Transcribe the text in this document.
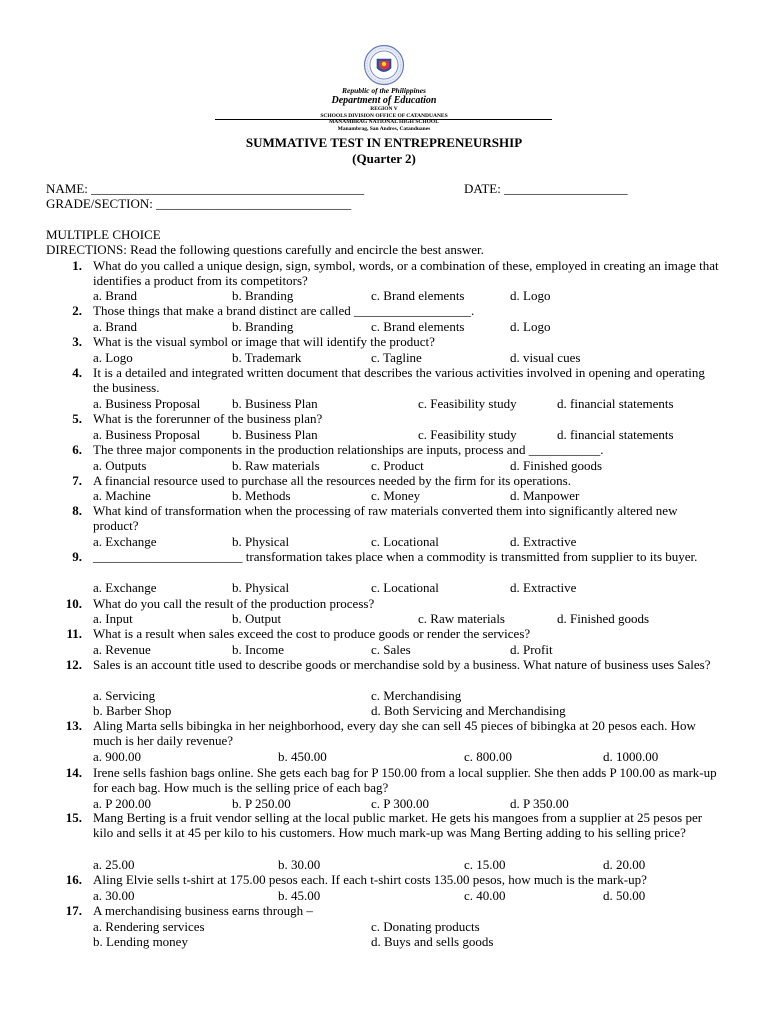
Republic of the Philippines
Department of Education
REGION V
SCHOOLS DIVISION OFFICE OF CATANDUANES
MANAMBRAG NATIONAL HIGH SCHOOL
Manambrag, San Andres, Catanduanes
SUMMATIVE TEST IN ENTREPRENEURSHIP
(Quarter 2)
NAME: __________________________________________	DATE: ___________________
GRADE/SECTION: ______________________________
MULTIPLE CHOICE
DIRECTIONS: Read the following questions carefully and encircle the best answer.
1. What do you called a unique design, sign, symbol, words, or a combination of these, employed in creating an image that identifies a product from its competitors?
a. Brand	b. Branding	c. Brand elements	d. Logo
2. Those things that make a brand distinct are called __________________.
a. Brand	b. Branding	c. Brand elements	d. Logo
3. What is the visual symbol or image that will identify the product?
a. Logo	b. Trademark	c. Tagline	d. visual cues
4. It is a detailed and integrated written document that describes the various activities involved in opening and operating the business.
a. Business Proposal b. Business Plan	c. Feasibility study	d. financial statements
5. What is the forerunner of the business plan?
a. Business Proposal b. Business Plan	c. Feasibility study	d. financial statements
6. The three major components in the production relationships are inputs, process and ___________.
a. Outputs	b. Raw materials	c. Product	d. Finished goods
7. A financial resource used to purchase all the resources needed by the firm for its operations.
a. Machine	b. Methods	c. Money	d. Manpower
8. What kind of transformation when the processing of raw materials converted them into significantly altered new product?
a. Exchange	b. Physical	c. Locational	d. Extractive
9. _______________________ transformation takes place when a commodity is transmitted from supplier to its buyer.
a. Exchange	b. Physical	c. Locational	d. Extractive
10. What do you call the result of the production process?
a. Input	b. Output	c. Raw materials	d. Finished goods
11. What is a result when sales exceed the cost to produce goods or render the services?
a. Revenue	b. Income	c. Sales	d. Profit
12. Sales is an account title used to describe goods or merchandise sold by a business. What nature of business uses Sales?
a. Servicing	c. Merchandising
b. Barber Shop	d. Both Servicing and Merchandising
13. Aling Marta sells bibingka in her neighborhood, every day she can sell 45 pieces of bibingka at 20 pesos each. How much is her daily revenue?
a. 900.00	b. 450.00	c. 800.00	d. 1000.00
14. Irene sells fashion bags online. She gets each bag for P 150.00 from a local supplier. She then adds P 100.00 as mark-up for each bag. How much is the selling price of each bag?
a. P 200.00	b. P 250.00	c. P 300.00	d. P 350.00
15. Mang Berting is a fruit vendor selling at the local public market. He gets his mangoes from a supplier at 25 pesos per kilo and sells it at 45 per kilo to his customers. How much mark-up was Mang Berting adding to his selling price?
a. 25.00	b. 30.00	c. 15.00	d. 20.00
16. Aling Elvie sells t-shirt at 175.00 pesos each. If each t-shirt costs 135.00 pesos, how much is the mark-up?
a. 30.00	b. 45.00	c. 40.00	d. 50.00
17. A merchandising business earns through –
a. Rendering services	c. Donating products
b. Lending money	d. Buys and sells goods
